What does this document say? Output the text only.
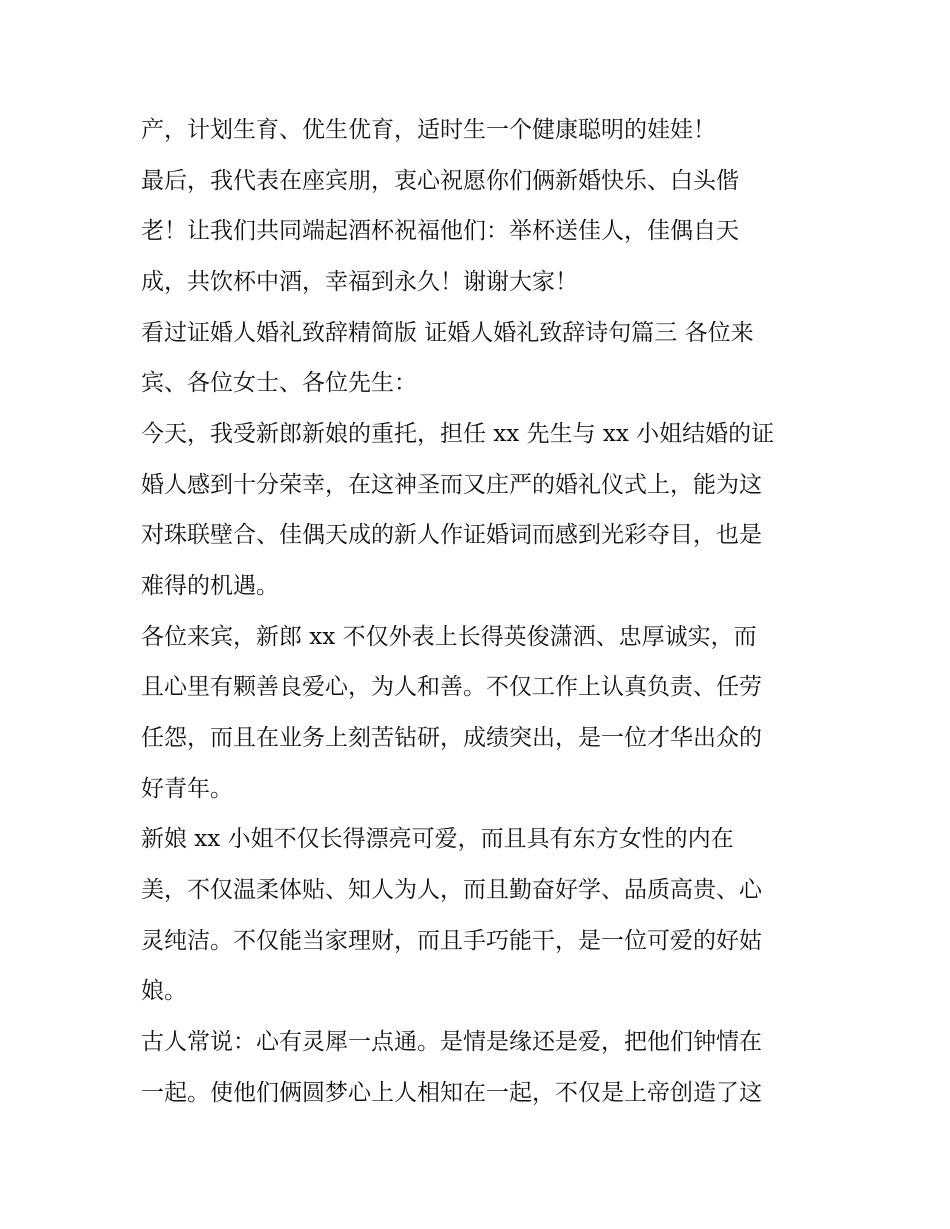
产，计划生育、优生优育，适时生一个健康聪明的娃娃！
最后，我代表在座宾朋，衷心祝愿你们俩新婚快乐、白头偕
老！让我们共同端起酒杯祝福他们：举杯送佳人，佳偶自天
成，共饮杯中酒，幸福到永久！谢谢大家！
看过证婚人婚礼致辞精简版 证婚人婚礼致辞诗句篇三 各位来
宾、各位女士、各位先生：
今天，我受新郎新娘的重托，担任 xx 先生与 xx 小姐结婚的证
婚人感到十分荣幸，在这神圣而又庄严的婚礼仪式上，能为这
对珠联壁合、佳偶天成的新人作证婚词而感到光彩夺目，也是
难得的机遇。
各位来宾，新郎 xx 不仅外表上长得英俊潇洒、忠厚诚实，而
且心里有颗善良爱心，为人和善。不仅工作上认真负责、任劳
任怨，而且在业务上刻苦钻研，成绩突出，是一位才华出众的
好青年。
新娘 xx 小姐不仅长得漂亮可爱，而且具有东方女性的内在
美，不仅温柔体贴、知人为人，而且勤奋好学、品质高贵、心
灵纯洁。不仅能当家理财，而且手巧能干，是一位可爱的好姑
娘。
古人常说：心有灵犀一点通。是情是缘还是爱，把他们钟情在
一起。使他们俩圆梦心上人相知在一起，不仅是上帝创造了这
